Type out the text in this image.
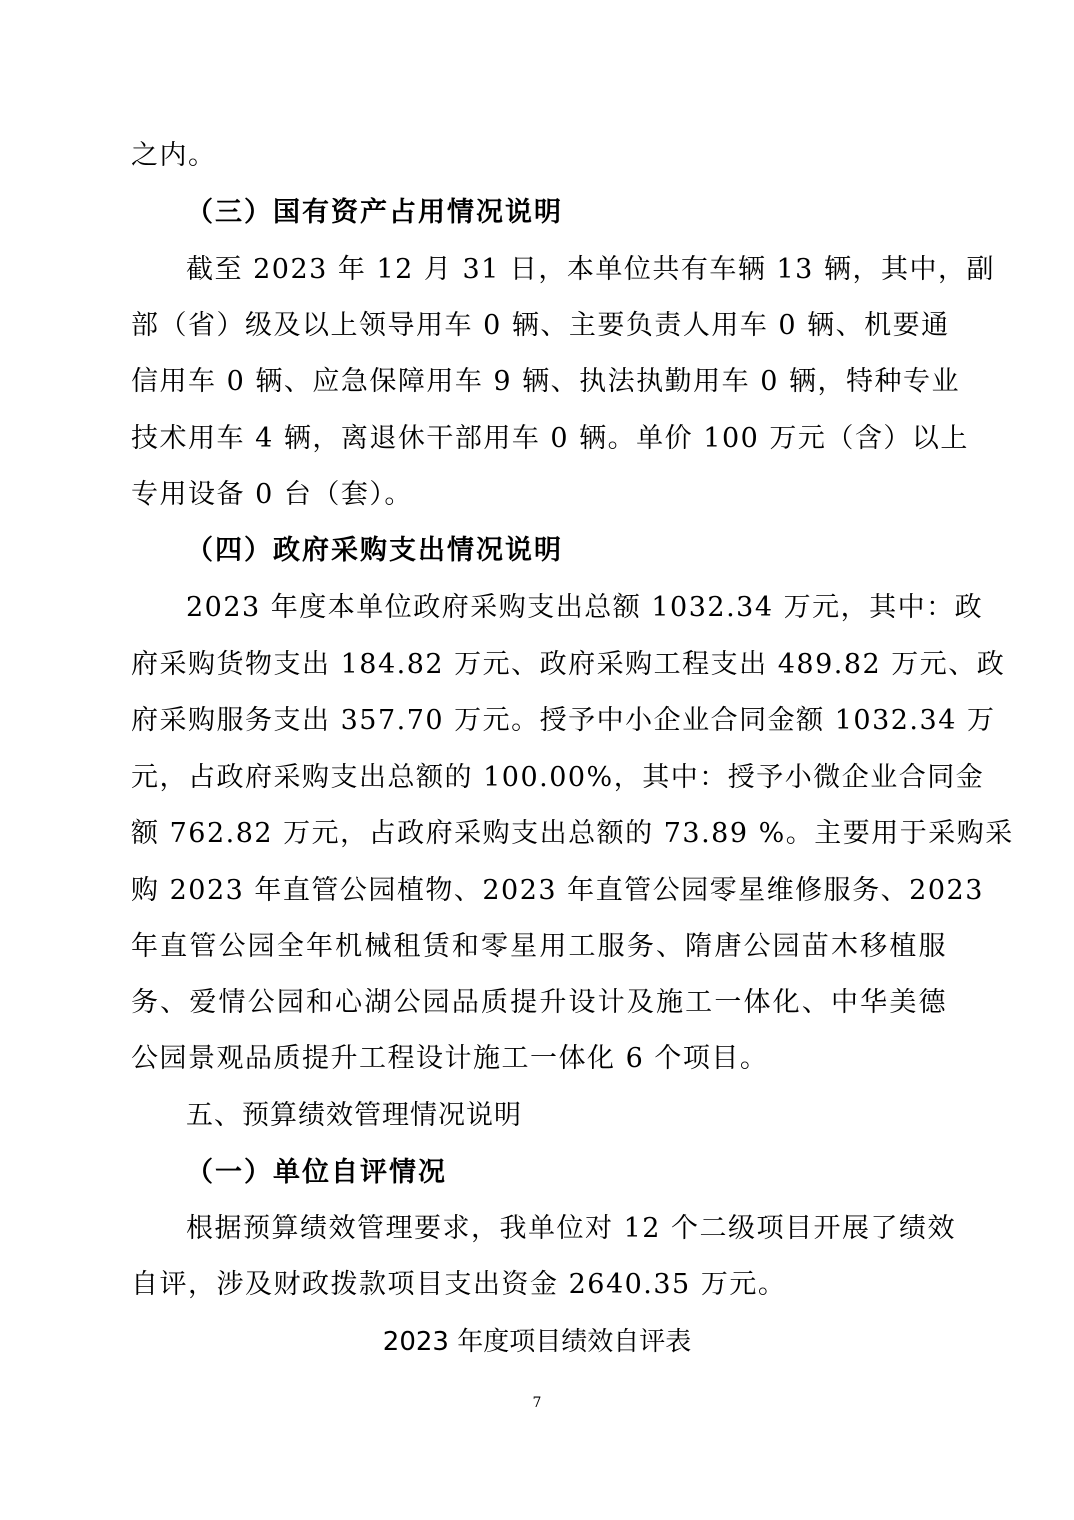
之内。
（三）国有资产占用情况说明
截至 2023 年 12 月 31 日，本单位共有车辆 13 辆，其中，副
部（省）级及以上领导用车 0 辆、主要负责人用车 0 辆、机要通
信用车 0 辆、应急保障用车 9 辆、执法执勤用车 0 辆，特种专业
技术用车 4 辆，离退休干部用车 0 辆。单价 100 万元（含）以上
专用设备 0 台（套）。
（四）政府采购支出情况说明
2023 年度本单位政府采购支出总额 1032.34 万元，其中：政
府采购货物支出 184.82 万元、政府采购工程支出 489.82 万元、政
府采购服务支出 357.70 万元。授予中小企业合同金额 1032.34 万
元，占政府采购支出总额的 100.00%，其中：授予小微企业合同金
额 762.82 万元，占政府采购支出总额的 73.89 %。主要用于采购采
购 2023 年直管公园植物、2023 年直管公园零星维修服务、2023
年直管公园全年机械租赁和零星用工服务、隋唐公园苗木移植服
务、爱情公园和心湖公园品质提升设计及施工一体化、中华美德
公园景观品质提升工程设计施工一体化 6 个项目。
五、预算绩效管理情况说明
（一）单位自评情况
根据预算绩效管理要求，我单位对 12 个二级项目开展了绩效
自评，涉及财政拨款项目支出资金 2640.35 万元。
2023 年度项目绩效自评表
7
